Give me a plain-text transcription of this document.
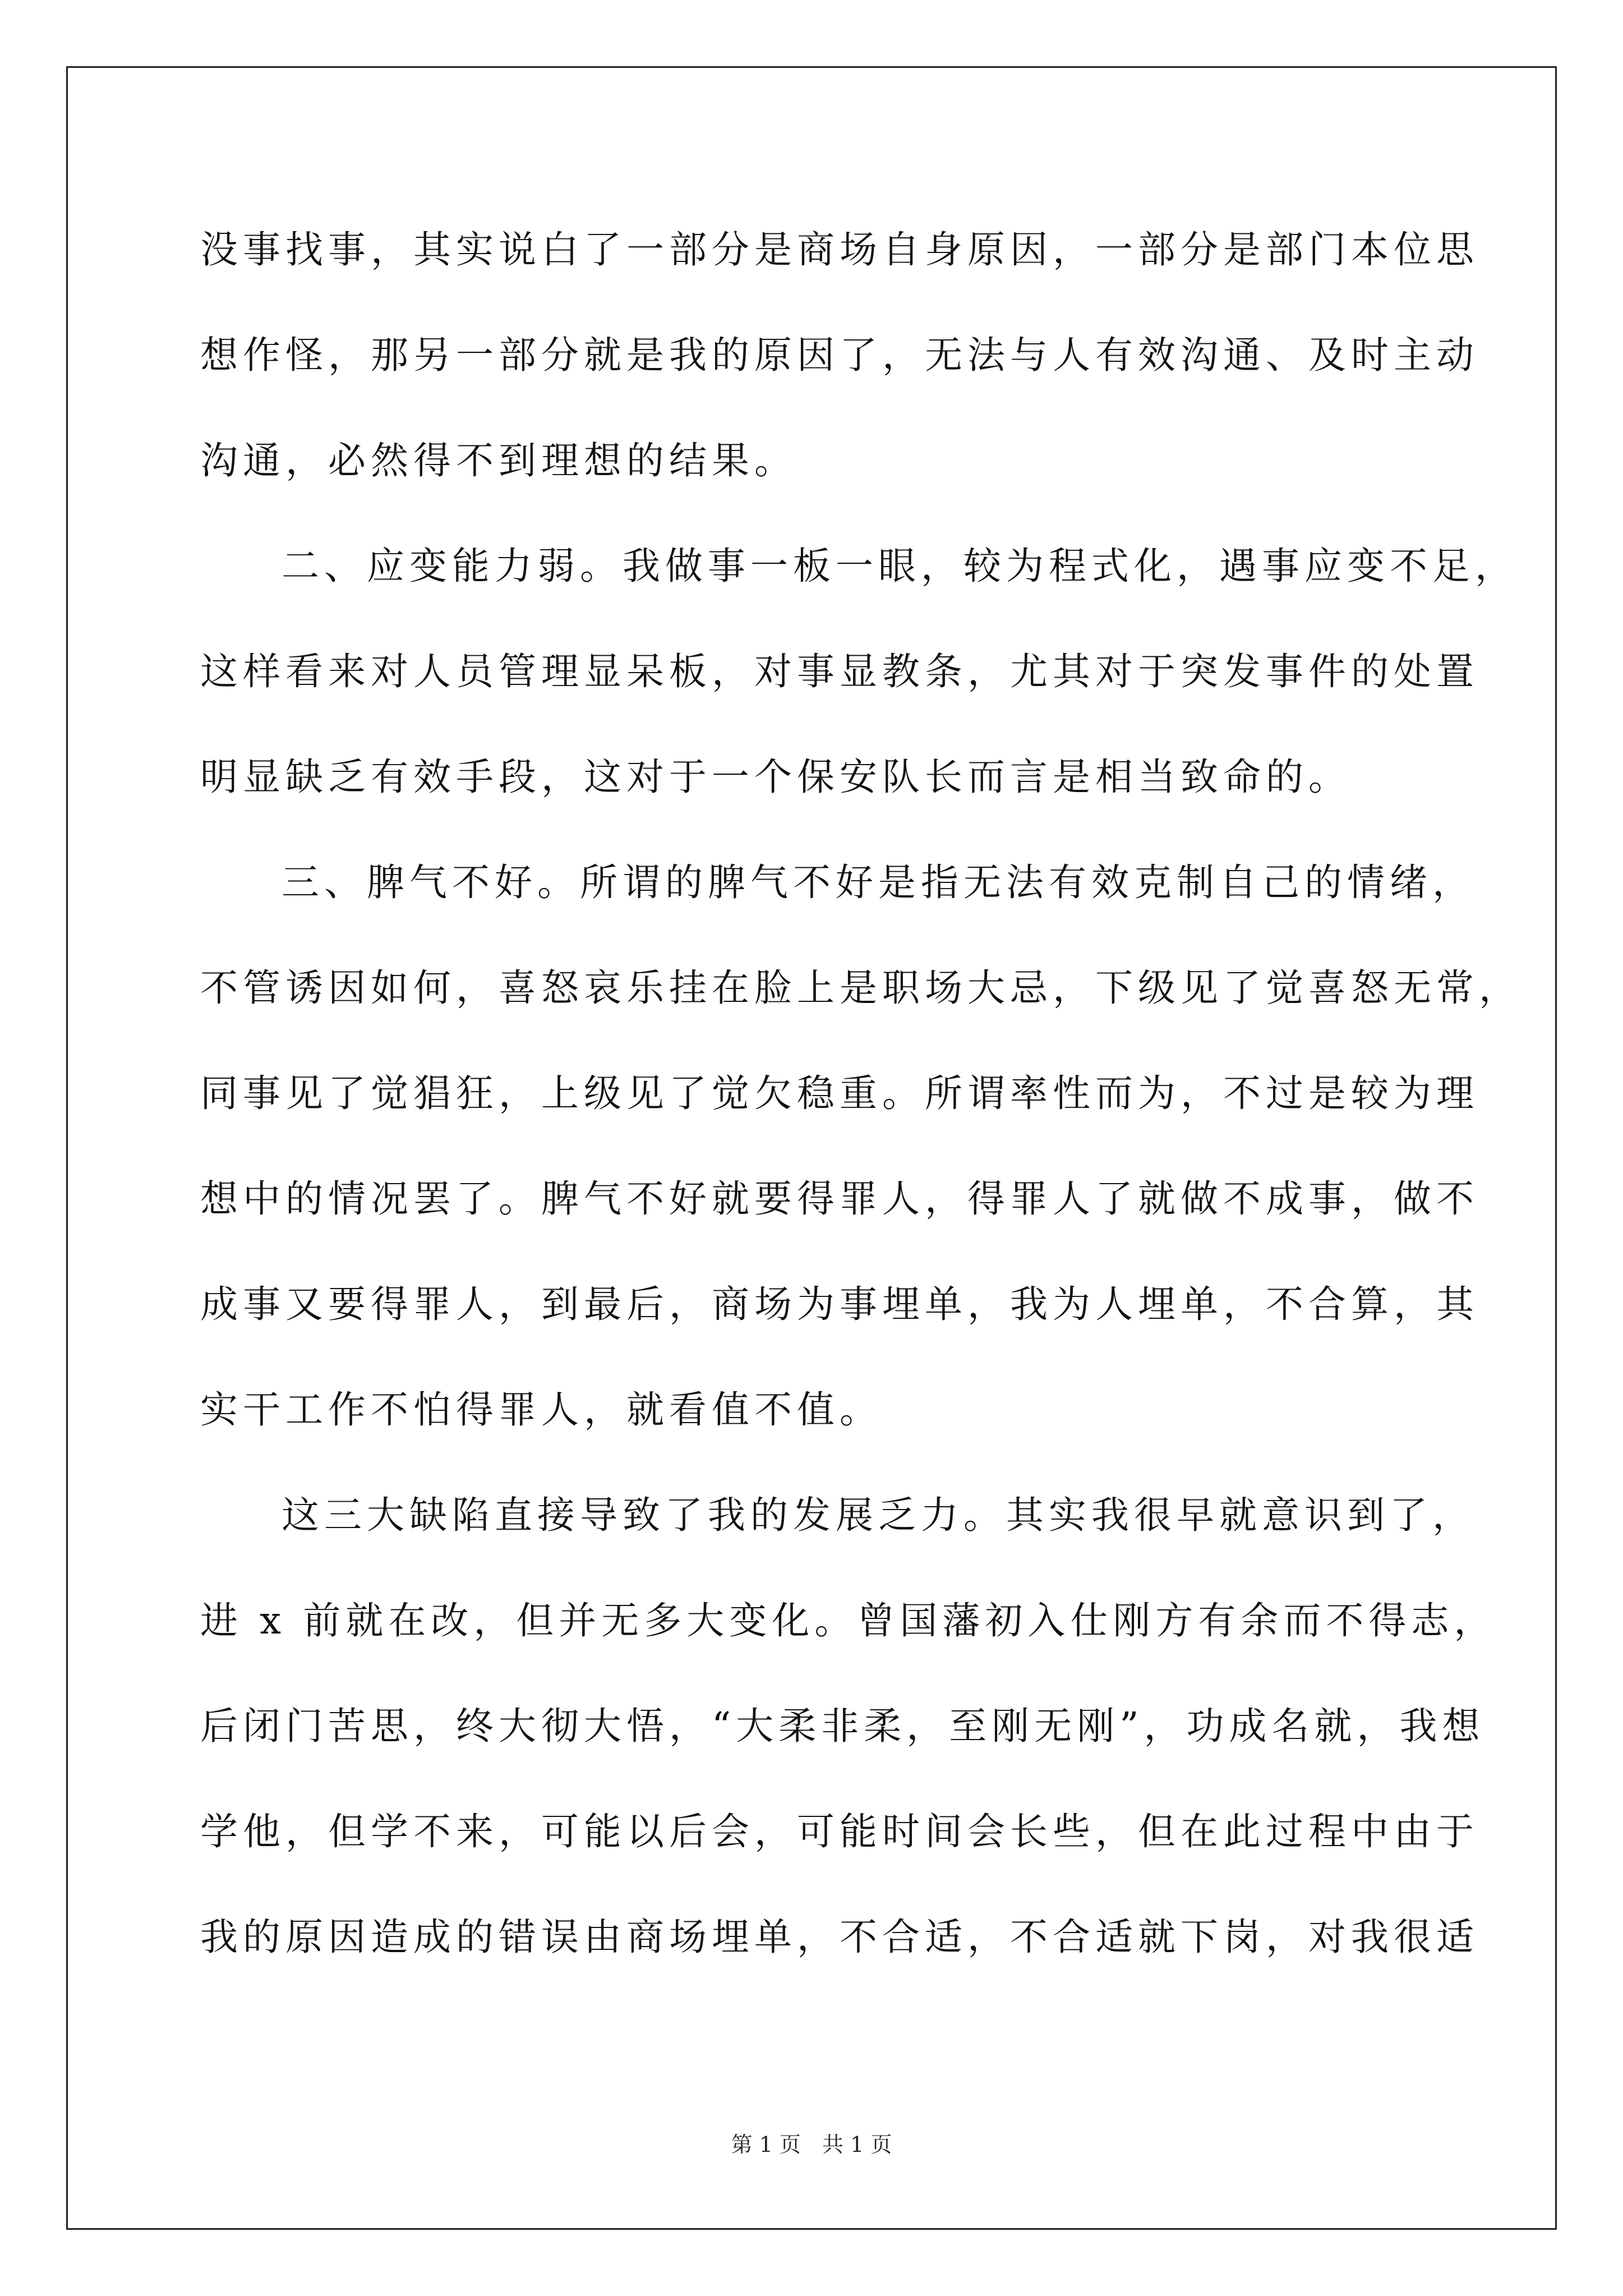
没事找事，其实说白了一部分是商场自身原因，一部分是部门本位思
想作怪，那另一部分就是我的原因了，无法与人有效沟通、及时主动
沟通，必然得不到理想的结果。
二、应变能力弱。我做事一板一眼，较为程式化，遇事应变不足，
这样看来对人员管理显呆板，对事显教条，尤其对于突发事件的处置
明显缺乏有效手段，这对于一个保安队长而言是相当致命的。
三、脾气不好。所谓的脾气不好是指无法有效克制自己的情绪，
不管诱因如何，喜怒哀乐挂在脸上是职场大忌，下级见了觉喜怒无常，
同事见了觉猖狂，上级见了觉欠稳重。所谓率性而为，不过是较为理
想中的情况罢了。脾气不好就要得罪人，得罪人了就做不成事，做不
成事又要得罪人，到最后，商场为事埋单，我为人埋单，不合算，其
实干工作不怕得罪人，就看值不值。
这三大缺陷直接导致了我的发展乏力。其实我很早就意识到了，
进 x 前就在改，但并无多大变化。曾国藩初入仕刚方有余而不得志，
后闭门苦思，终大彻大悟，“大柔非柔，至刚无刚”，功成名就，我想
学他，但学不来，可能以后会，可能时间会长些，但在此过程中由于
我的原因造成的错误由商场埋单，不合适，不合适就下岗，对我很适
第 1 页　共 1 页
